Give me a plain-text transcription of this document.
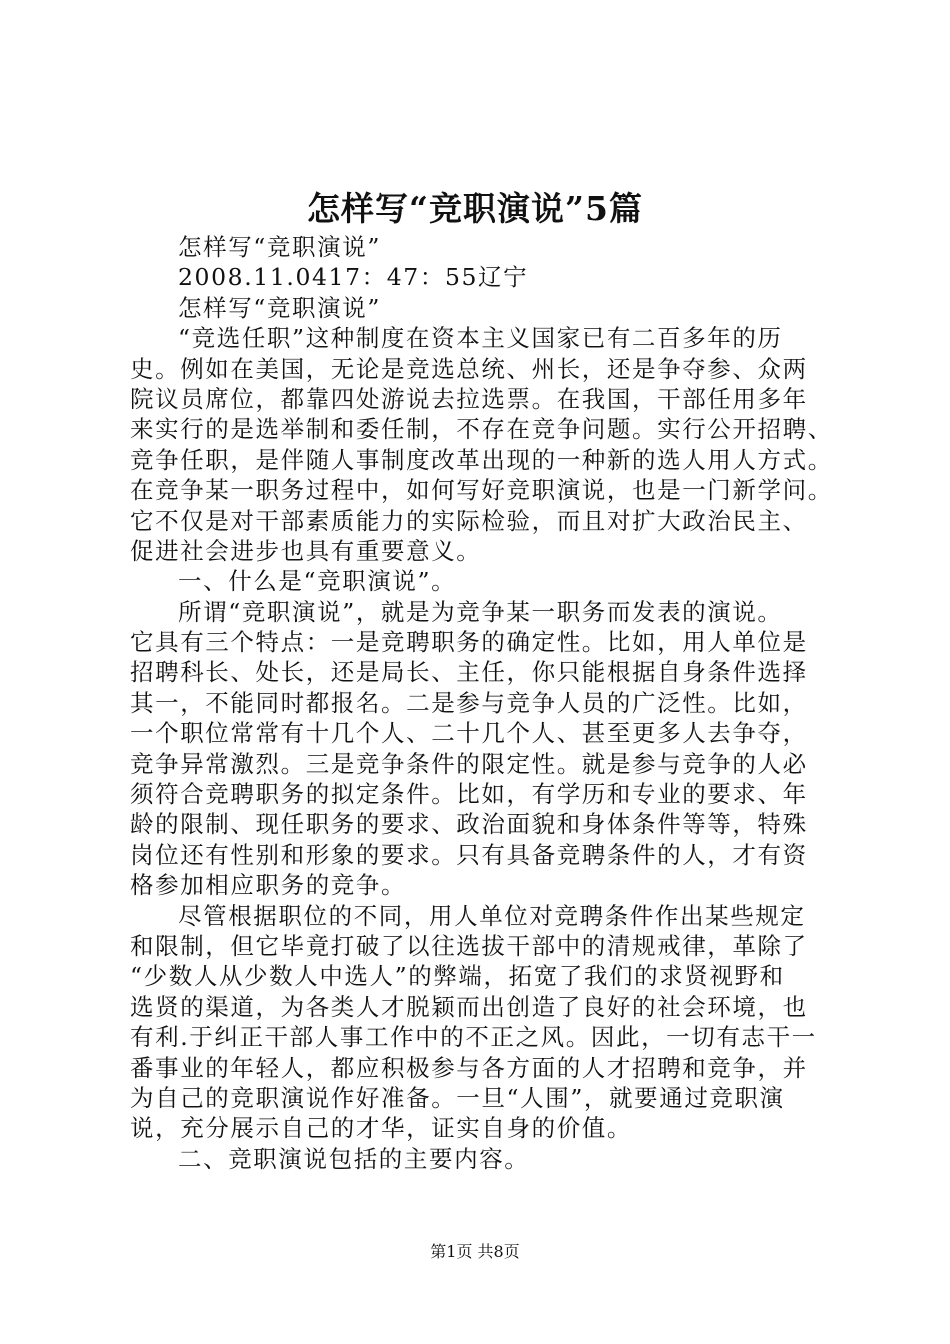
怎样写“竞职演说”5篇
怎样写“竞职演说”
2008.11.0417：47：55辽宁
怎样写“竞职演说”
“竞选任职”这种制度在资本主义国家已有二百多年的历
史。例如在美国，无论是竞选总统、州长，还是争夺参、众两
院议员席位，都靠四处游说去拉选票。在我国，干部任用多年
来实行的是选举制和委任制，不存在竞争问题。实行公开招聘、
竞争任职，是伴随人事制度改革出现的一种新的选人用人方式。
在竞争某一职务过程中，如何写好竞职演说，也是一门新学问。
它不仅是对干部素质能力的实际检验，而且对扩大政治民主、
促进社会进步也具有重要意义。
一、什么是“竞职演说”。
所谓“竞职演说”，就是为竞争某一职务而发表的演说。
它具有三个特点：一是竞聘职务的确定性。比如，用人单位是
招聘科长、处长，还是局长、主任，你只能根据自身条件选择
其一，不能同时都报名。二是参与竞争人员的广泛性。比如，
一个职位常常有十几个人、二十几个人、甚至更多人去争夺，
竞争异常激烈。三是竞争条件的限定性。就是参与竞争的人必
须符合竞聘职务的拟定条件。比如，有学历和专业的要求、年
龄的限制、现任职务的要求、政治面貌和身体条件等等，特殊
岗位还有性别和形象的要求。只有具备竞聘条件的人，才有资
格参加相应职务的竞争。
尽管根据职位的不同，用人单位对竞聘条件作出某些规定
和限制，但它毕竟打破了以往选拔干部中的清规戒律，革除了
“少数人从少数人中选人”的弊端，拓宽了我们的求贤视野和
选贤的渠道，为各类人才脱颖而出创造了良好的社会环境，也
有利.于纠正干部人事工作中的不正之风。因此，一切有志干一
番事业的年轻人，都应积极参与各方面的人才招聘和竞争，并
为自己的竞职演说作好准备。一旦“人围”，就要通过竞职演
说，充分展示自己的才华，证实自身的价值。
二、竞职演说包括的主要内容。
第1页 共8页
